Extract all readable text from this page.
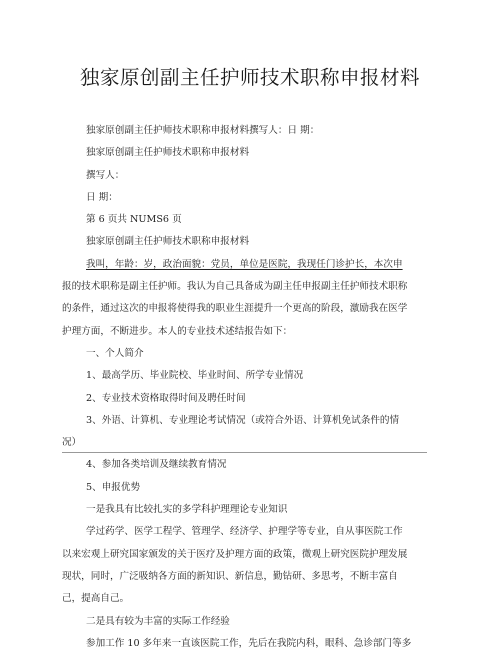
独家原创副主任护师技术职称申报材料
独家原创副主任护师技术职称申报材料撰写人：日 期：
独家原创副主任护师技术职称申报材料
撰写人：
日 期：
第 6 页共 NUMS6 页
独家原创副主任护师技术职称申报材料
我叫，年龄：岁，政治面貌：党员，单位是医院，我现任门诊护长，本次申
报的技术职称是副主任护师。我认为自己具备成为副主任申报副主任护师技术职称
的条件，通过这次的申报将使得我的职业生涯提升一个更高的阶段，激励我在医学
护理方面，不断进步。本人的专业技术述结报告如下：
一、个人简介
1、最高学历、毕业院校、毕业时间、所学专业情况
2、专业技术资格取得时间及聘任时间
3、外语、计算机、专业理论考试情况（或符合外语、计算机免试条件的情
况）
4、参加各类培训及继续教育情况
5、申报优势
一是我具有比较扎实的多学科护理理论专业知识
学过药学、医学工程学、管理学、经济学、护理学等专业，自从事医院工作
以来宏观上研究国家颁发的关于医疗及护理方面的政策，微观上研究医院护理发展
现状，同时，广泛吸纳各方面的新知识、新信息，勤钻研、多思考，不断丰富自
己，提高自己。
二是具有较为丰富的实际工作经验
参加工作 10 多年来一直该医院工作，先后在我院内科，眼科、急诊部门等多
